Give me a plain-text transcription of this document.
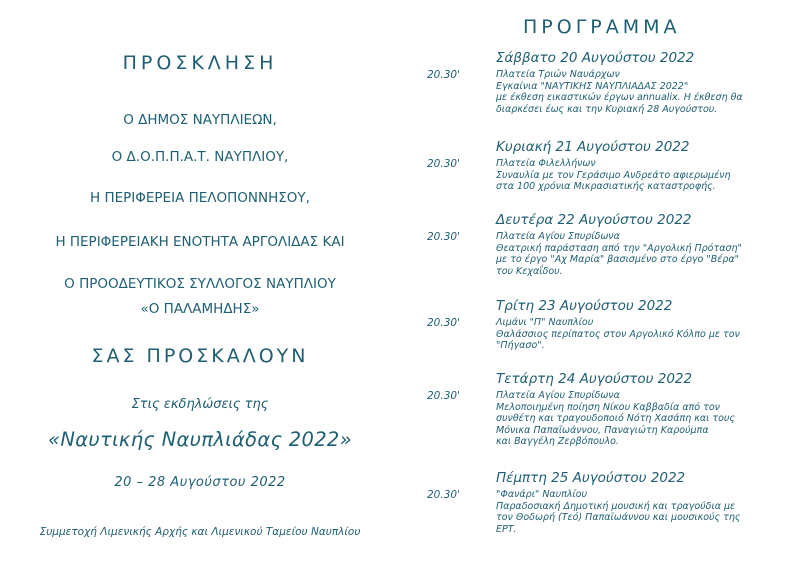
ΠΡΟΣΚΛΗΣΗ
Ο ΔΗΜΟΣ ΝΑΥΠΛΙΕΩΝ,
Ο Δ.Ο.Π.Π.Α.Τ. ΝΑΥΠΛΙΟΥ,
Η ΠΕΡΙΦΕΡΕΙΑ ΠΕΛΟΠΟΝΝΗΣΟΥ,
Η ΠΕΡΙΦΕΡΕΙΑΚΗ ΕΝΟΤΗΤΑ ΑΡΓΟΛΙΔΑΣ ΚΑΙ
Ο ΠΡΟΟΔΕΥΤΙΚΟΣ ΣΥΛΛΟΓΟΣ ΝΑΥΠΛΙΟΥ
«Ο ΠΑΛΑΜΗΔΗΣ»
ΣΑΣ ΠΡΟΣΚΑΛΟΥΝ
Στις εκδηλώσεις της
«Ναυτικής Ναυπλιάδας 2022»
20 – 28 Αυγούστου 2022
Συμμετοχή Λιμενικής Αρχής και Λιμενικού Ταμείου Ναυπλίου
ΠΡΟΓΡΑΜΜΑ
Σάββατο 20 Αυγούστου 2022
20.30'	Πλατεία Τριών Ναυάρχων
Εγκαίνια "ΝΑΥΤΙΚΗΣ ΝΑΥΠΛΙΑΔΑΣ 2022"
με έκθεση εικαστικών έργων annualix. Η έκθεση θα
διαρκέσει έως και την Κυριακή 28 Αυγούστου.
Κυριακή 21 Αυγούστου 2022
20.30'	Πλατεία Φιλελλήνων
Συναυλία με τον Γεράσιμο Ανδρεάτο αφιερωμένη
στα 100 χρόνια Μικρασιατικής καταστροφής.
Δευτέρα 22 Αυγούστου 2022
20.30'	Πλατεία Αγίου Σπυρίδωνα
Θεατρική παράσταση από την "Αργολική Πρόταση"
με το έργο "Αχ Μαρία" βασισμένο στο έργο "Βέρα"
του Κεχαΐδου.
Τρίτη 23 Αυγούστου 2022
20.30'	Λιμάνι "Π" Ναυπλίου
Θαλάσσιος περίπατος στον Αργολικό Κόλπο με τον
"Πήγασο".
Τετάρτη 24 Αυγούστου 2022
20.30'	Πλατεία Αγίου Σπυρίδωνα
Μελοποιημένη ποίηση Νίκου Καββαδία από τον
συνθέτη και τραγουδοποιό Νότη Χασάπη και τους
Μόνικα Παπαϊωάννου, Παναγιώτη Καρούμπα
και Βαγγέλη Ζερβόπουλο.
Πέμπτη 25 Αυγούστου 2022
20.30'	"Φανάρι" Ναυπλίου
Παραδοσιακή Δημοτική μουσική και τραγούδια με
τον Θοδωρή (Τεό) Παπαϊωάννου και μουσικούς της
ΕΡΤ.
